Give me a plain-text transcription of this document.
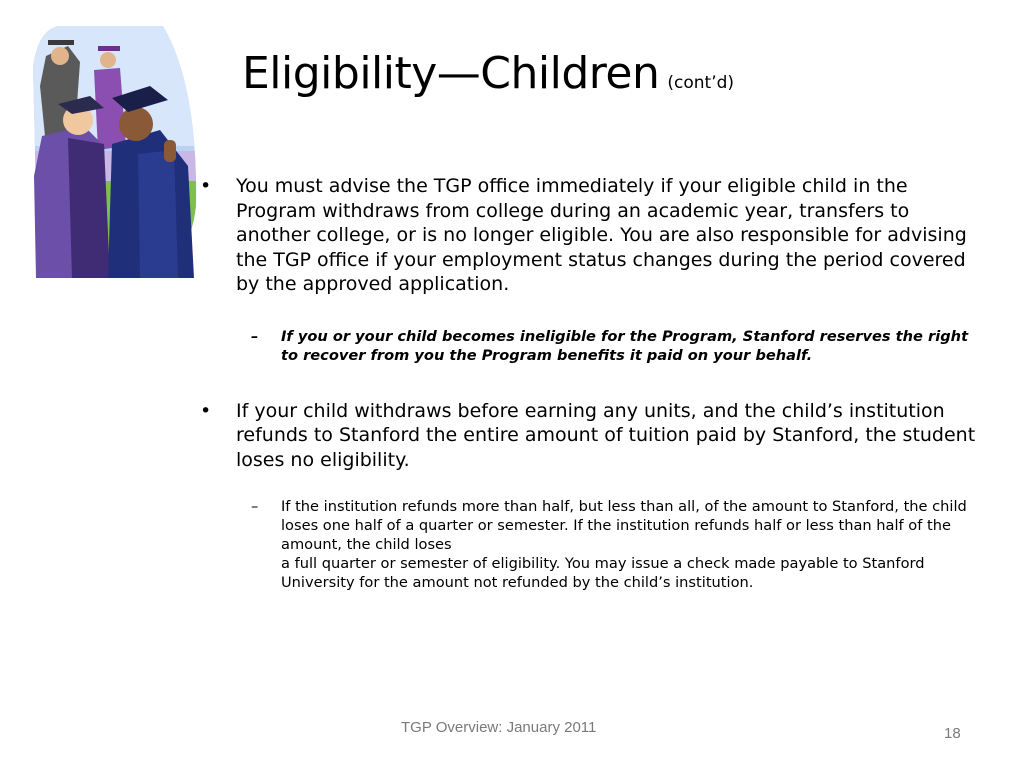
Eligibility—Children (cont’d)
• You must advise the TGP office immediately if your eligible child in the Program withdraws from college during an academic year, transfers to another college, or is no longer eligible. You are also responsible for advising the TGP office if your employment status changes during the period covered by the approved application.
– If you or your child becomes ineligible for the Program, Stanford reserves the right to recover from you the Program benefits it paid on your behalf.
• If your child withdraws before earning any units, and the child’s institution refunds to Stanford the entire amount of tuition paid by Stanford, the student loses no eligibility.
– If the institution refunds more than half, but less than all, of the amount to Stanford, the child loses one half of a quarter or semester. If the institution refunds half or less than half of the amount, the child loses
a full quarter or semester of eligibility. You may issue a check made payable to Stanford University for the amount not refunded by the child’s institution.
TGP Overview: January 2011	18
